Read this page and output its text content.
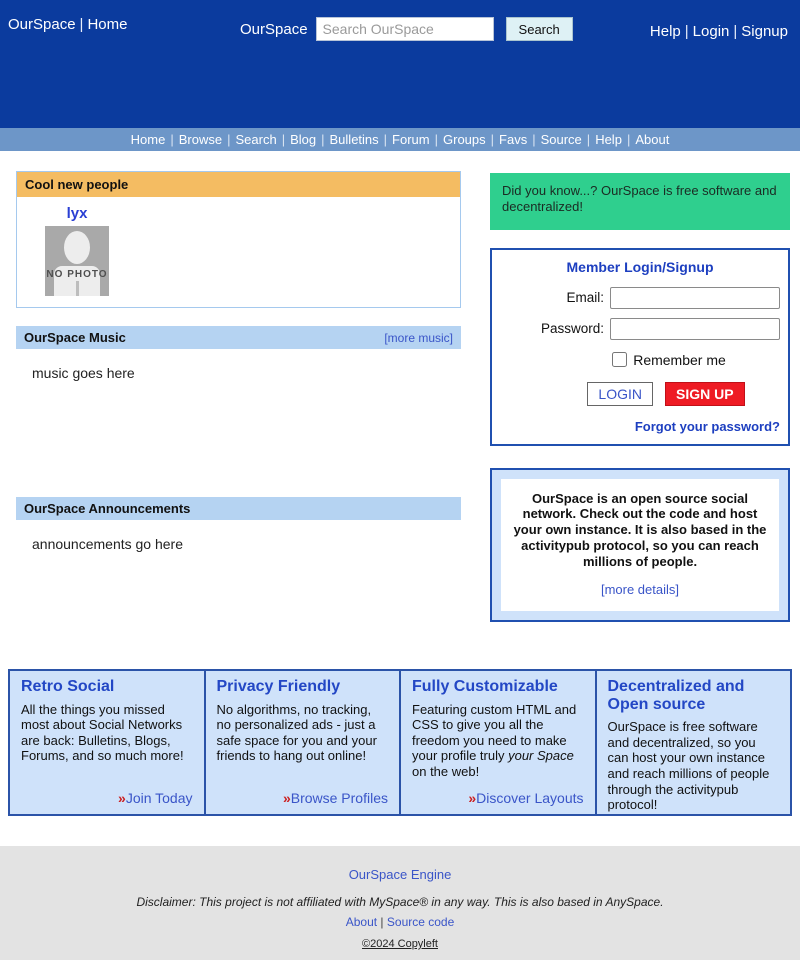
OurSpace | Home	OurSpace
Search OurSpace	Search	Help | Login | Signup
Home | Browse | Search | Blog | Bulletins | Forum | Groups | Favs | Source | Help | About
Cool new people
lyx
NO PHOTO
OurSpace Music	[more music]
music goes here
OurSpace Announcements
announcements go here
Did you know...? OurSpace is free software and decentralized!
Member Login/Signup
Email:
Password:
Remember me
LOGIN	SIGN UP
Forgot your password?
OurSpace is an open source social network. Check out the code and host your own instance. It is also based in the activitypub protocol, so you can reach millions of people.
[more details]
Retro Social
All the things you missed most about Social Networks are back: Bulletins, Blogs, Forums, and so much more!
»Join Today
Privacy Friendly
No algorithms, no tracking, no personalized ads - just a safe space for you and your friends to hang out online!
»Browse Profiles
Fully Customizable
Featuring custom HTML and CSS to give you all the freedom you need to make your profile truly your Space on the web!
»Discover Layouts
Decentralized and Open source
OurSpace is free software and decentralized, so you can host your own instance and reach millions of people through the activitypub protocol!
OurSpace Engine
Disclaimer: This project is not affiliated with MySpace® in any way. This is also based in AnySpace.
About | Source code
©2024 Copyleft
